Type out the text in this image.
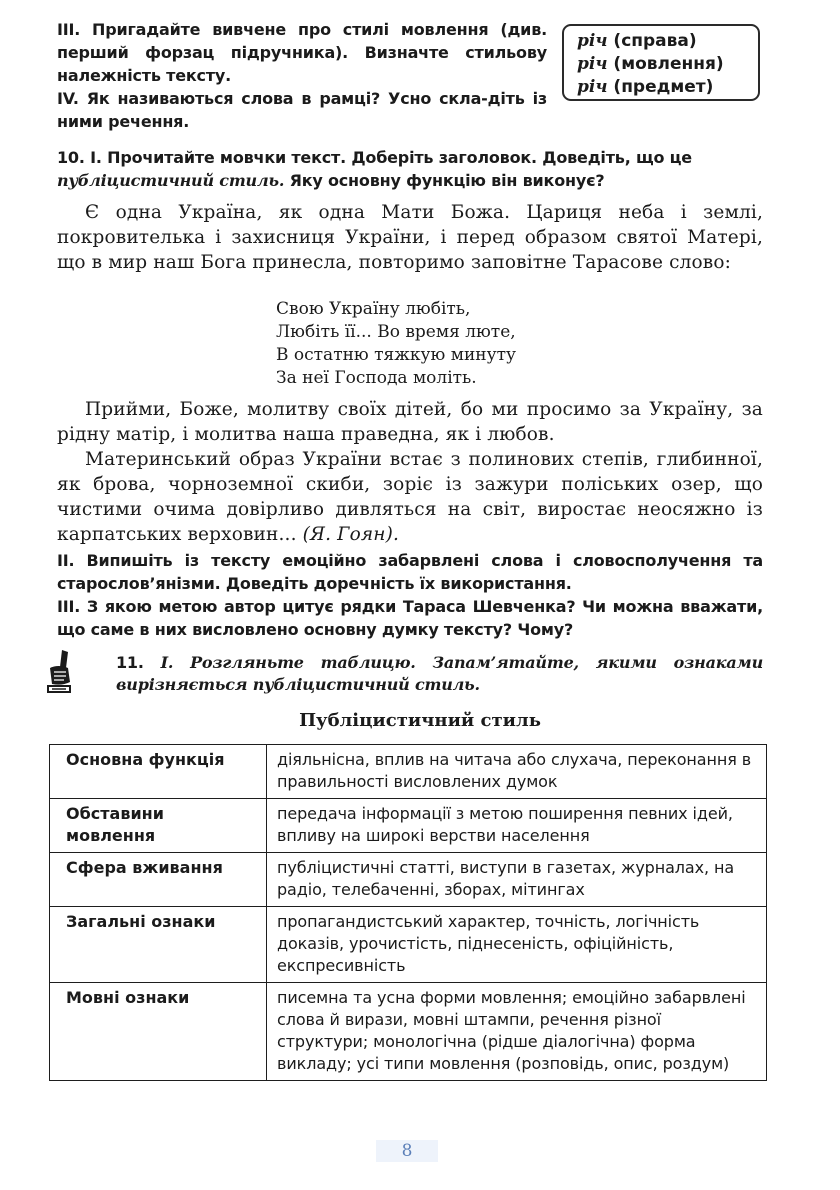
III. Пригадайте вивчене про стилі мовлення (див. перший форзац підручника). Визначте стильову належність тексту.

IV. Як називаються слова в рамці? Усно скла-діть із ними речення.

річ (справа)
річ (мовлення)
річ (предмет)
10. I. Прочитайте мовчки текст. Доберіть заголовок. Доведіть, що це публіцистичний стиль. Яку основну функцію він виконує?

Є одна Україна, як одна Мати Божа. Цариця неба і землі, покровителька і захисниця України, і перед образом святої Матері, що в мир наш Бога принесла, повторимо заповітне Тарасове слово:

Свою Україну любіть,
Любіть її... Во время люте,
В остатню тяжкую минуту
За неї Господа моліть.

Прийми, Боже, молитву своїх дітей, бо ми просимо за Україну, за рідну матір, і молитва наша праведна, як і любов.

Материнський образ України встає з полинових степів, глибинної, як брова, чорноземної скиби, зоріє із зажури поліських озер, що чистими очима довірливо дивляться на світ, виростає неосяжно із карпатських верховин... (Я. Гоян).

II. Випишіть із тексту емоційно забарвлені слова і словосполучення та старослов’янізми. Доведіть доречність їх використання.

III. З якою метою автор цитує рядки Тараса Шевченка? Чи можна вважати, що саме в них висловлено основну думку тексту? Чому?

11. I. Розгляньте таблицю. Запам’ятайте, якими ознаками вирізняється публіцистичний стиль.
Публіцистичний стиль
Основна функція	діяльнісна, вплив на читача або слухача, переконання в правильності висловлених думок
Обставини мовлення	передача інформації з метою поширення певних ідей, впливу на широкі верстви населення
Сфера вживання	публіцистичні статті, виступи в газетах, журналах, на радіо, телебаченні, зборах, мітингах
Загальні ознаки	пропагандистський характер, точність, логічність доказів, урочистість, піднесеність, офіційність, експресивність
Мовні ознаки	писемна та усна форми мовлення; емоційно забарвлені слова й вирази, мовні штампи, речення різної структури; монологічна (рідше діалогічна) форма викладу; усі типи мовлення (розповідь, опис, роздум)
8
